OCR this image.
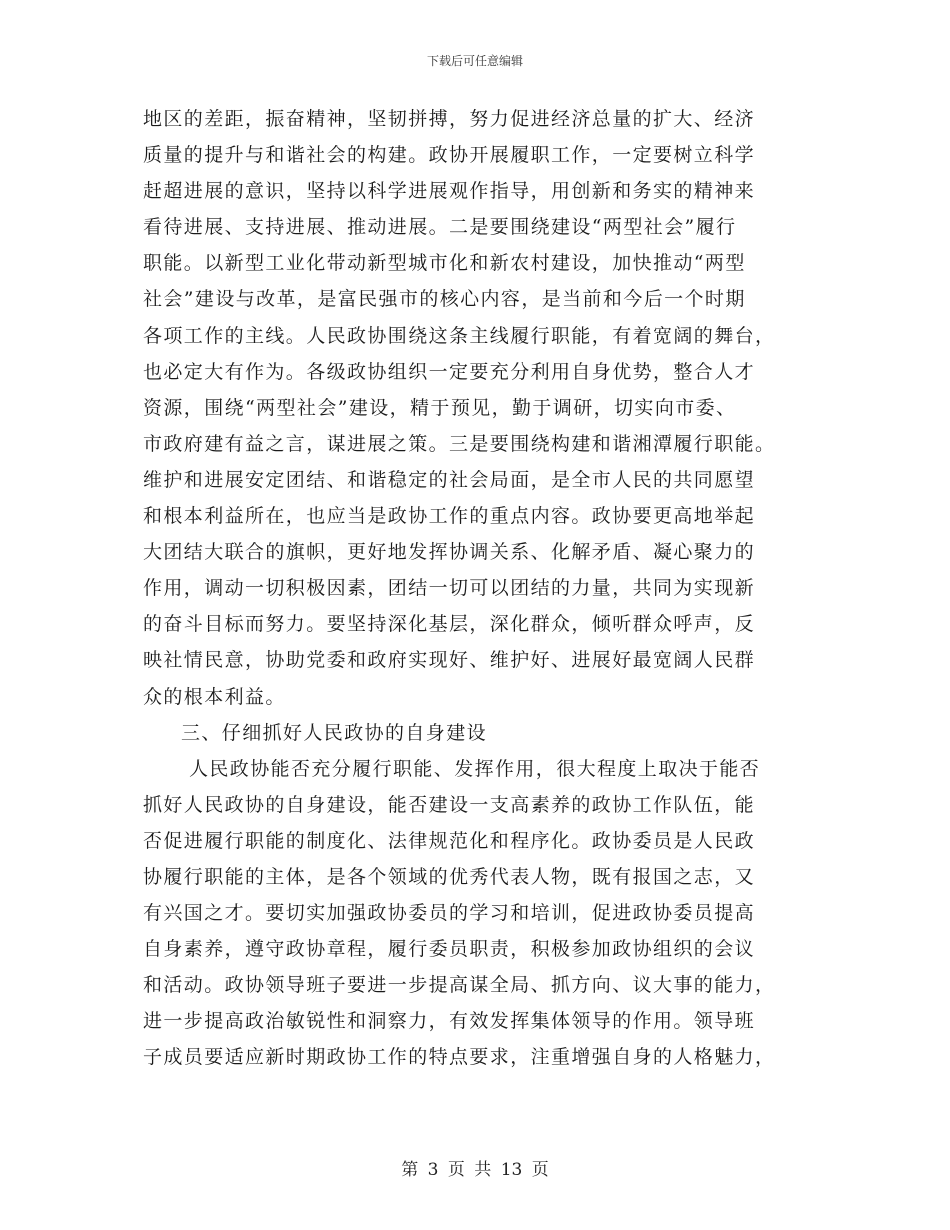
下载后可任意编辑
地区的差距，振奋精神，坚韧拼搏，努力促进经济总量的扩大、经济
质量的提升与和谐社会的构建。政协开展履职工作，一定要树立科学
赶超进展的意识，坚持以科学进展观作指导，用创新和务实的精神来
看待进展、支持进展、推动进展。二是要围绕建设“两型社会”履行
职能。以新型工业化带动新型城市化和新农村建设，加快推动“两型
社会”建设与改革，是富民强市的核心内容，是当前和今后一个时期
各项工作的主线。人民政协围绕这条主线履行职能，有着宽阔的舞台，
也必定大有作为。各级政协组织一定要充分利用自身优势，整合人才
资源，围绕“两型社会”建设，精于预见，勤于调研，切实向市委、
市政府建有益之言，谋进展之策。三是要围绕构建和谐湘潭履行职能。
维护和进展安定团结、和谐稳定的社会局面，是全市人民的共同愿望
和根本利益所在，也应当是政协工作的重点内容。政协要更高地举起
大团结大联合的旗帜，更好地发挥协调关系、化解矛盾、凝心聚力的
作用，调动一切积极因素，团结一切可以团结的力量，共同为实现新
的奋斗目标而努力。要坚持深化基层，深化群众，倾听群众呼声，反
映社情民意，协助党委和政府实现好、维护好、进展好最宽阔人民群
众的根本利益。
三、仔细抓好人民政协的自身建设
人民政协能否充分履行职能、发挥作用，很大程度上取决于能否
抓好人民政协的自身建设，能否建设一支高素养的政协工作队伍，能
否促进履行职能的制度化、法律规范化和程序化。政协委员是人民政
协履行职能的主体，是各个领域的优秀代表人物，既有报国之志，又
有兴国之才。要切实加强政协委员的学习和培训，促进政协委员提高
自身素养，遵守政协章程，履行委员职责，积极参加政协组织的会议
和活动。政协领导班子要进一步提高谋全局、抓方向、议大事的能力，
进一步提高政治敏锐性和洞察力，有效发挥集体领导的作用。领导班
子成员要适应新时期政协工作的特点要求，注重增强自身的人格魅力，
第 3 页 共 13 页
